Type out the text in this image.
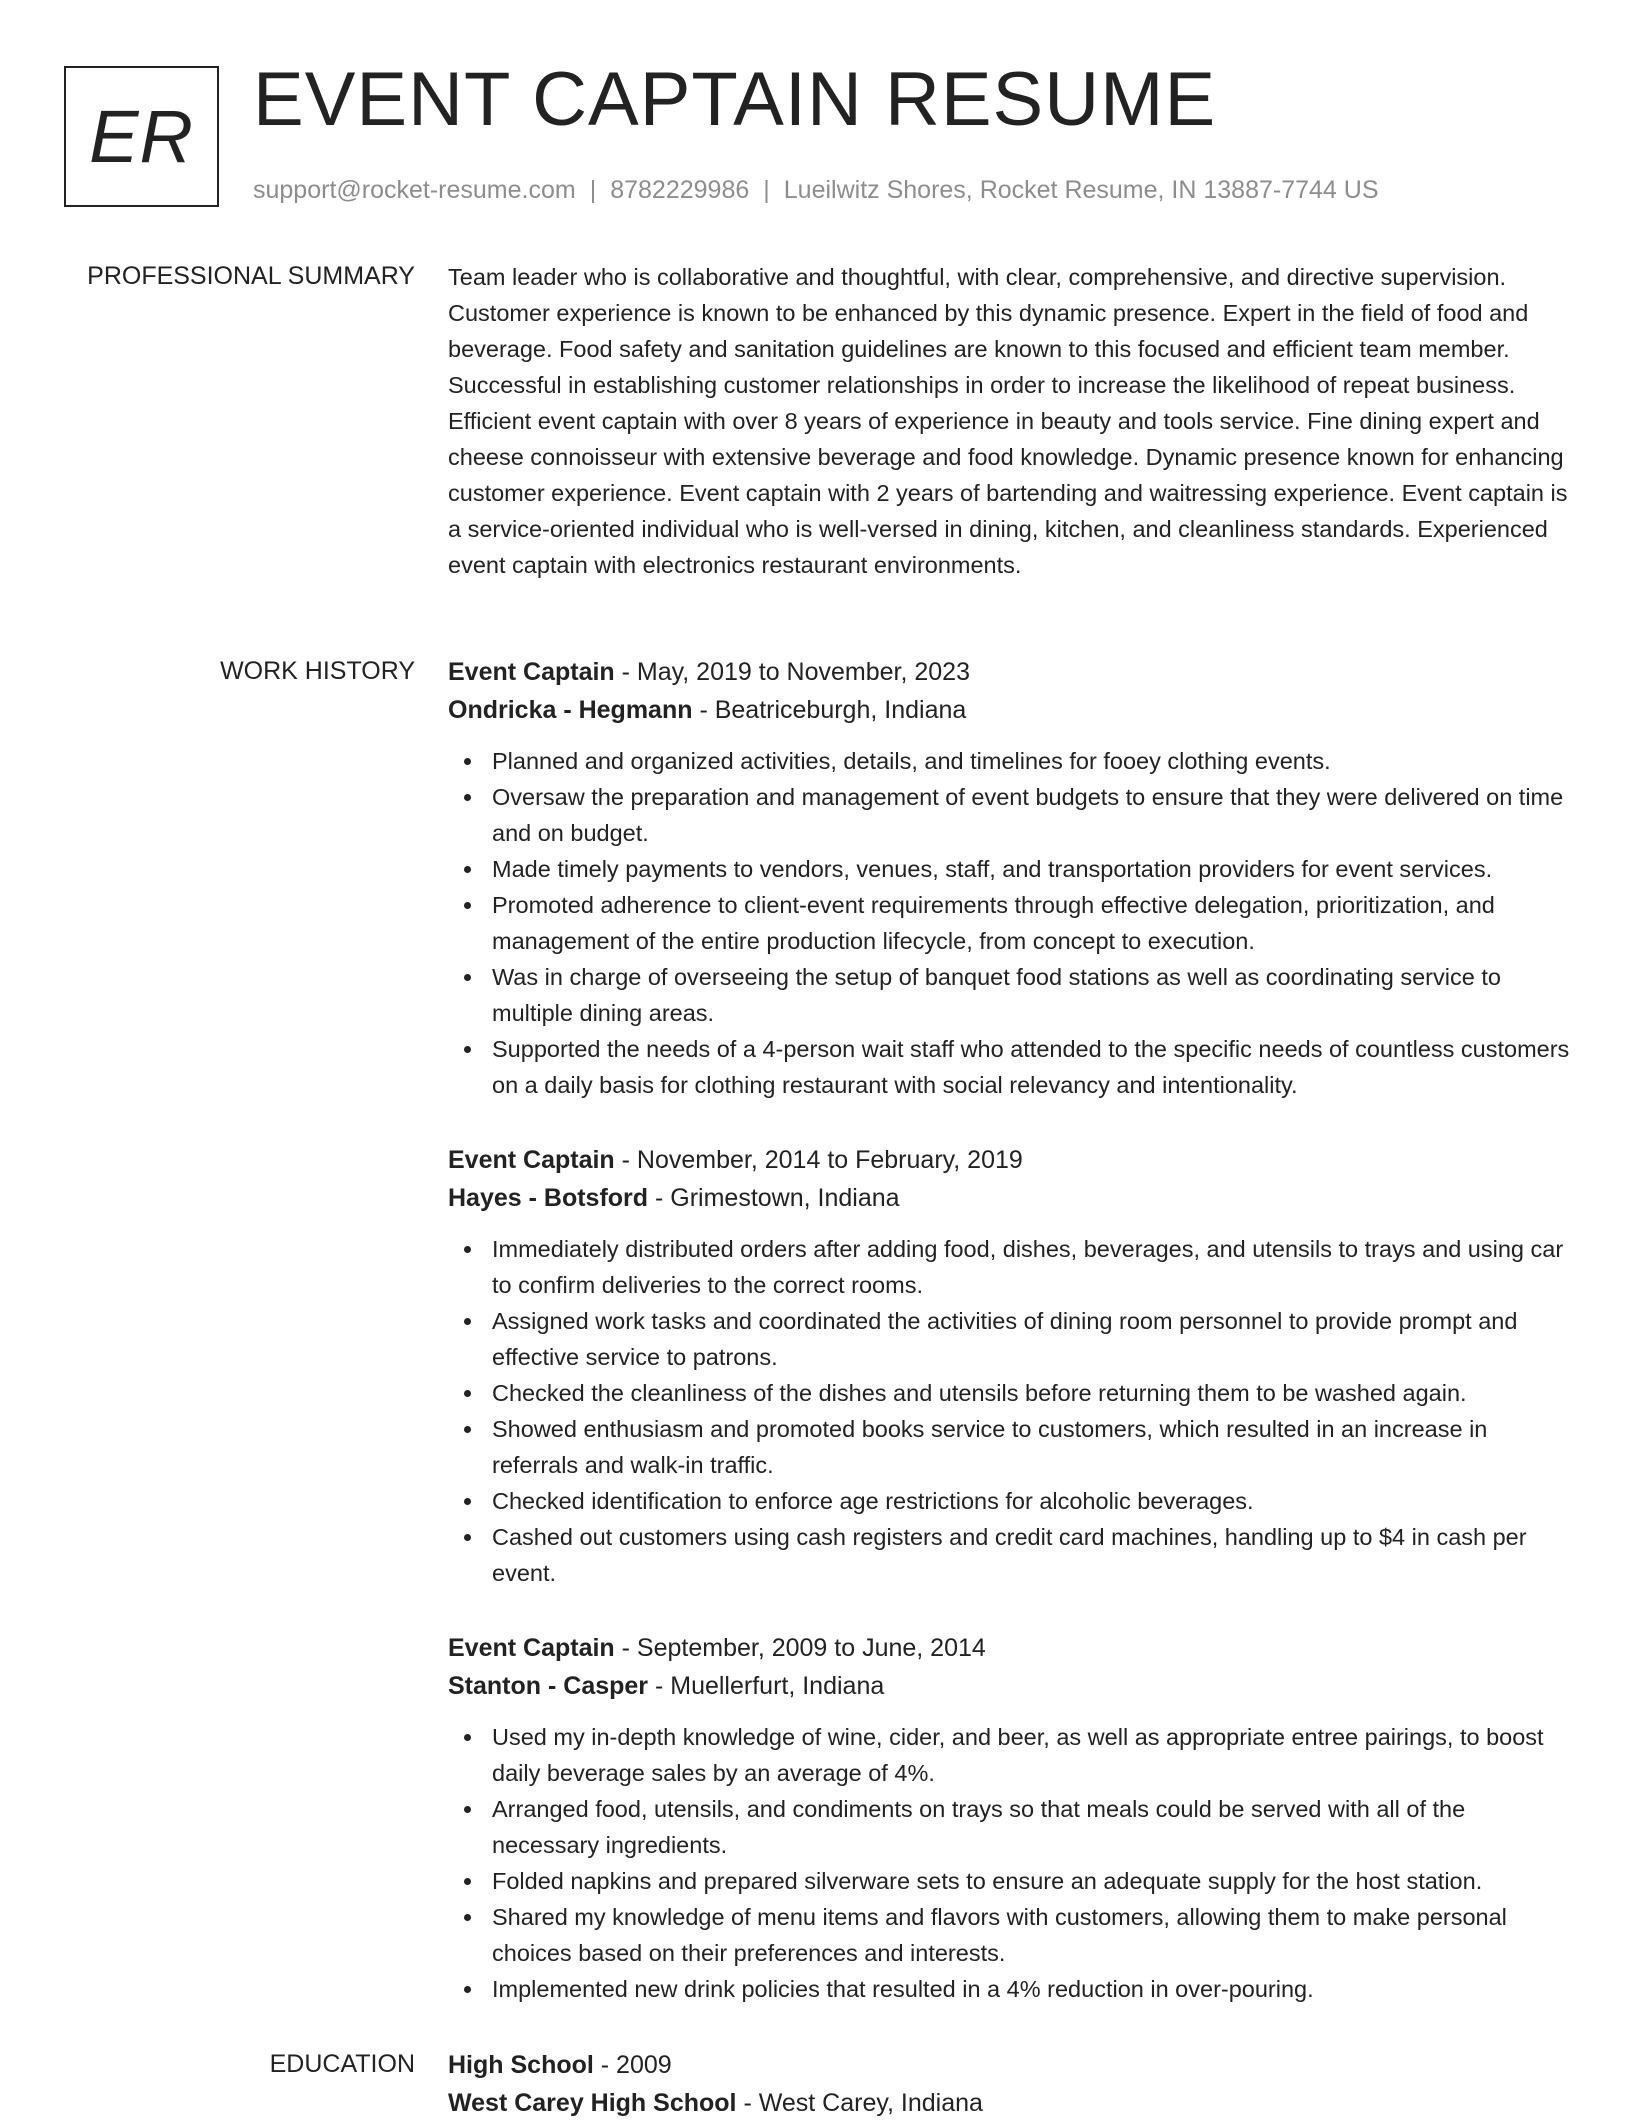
ER EVENT CAPTAIN RESUME
support@rocket-resume.com | 8782229986 | Lueilwitz Shores, Rocket Resume, IN 13887-7744 US
PROFESSIONAL SUMMARY Team leader who is collaborative and thoughtful, with clear, comprehensive, and directive supervision. Customer experience is known to be enhanced by this dynamic presence. Expert in the field of food and beverage. Food safety and sanitation guidelines are known to this focused and efficient team member. Successful in establishing customer relationships in order to increase the likelihood of repeat business. Efficient event captain with over 8 years of experience in beauty and tools service. Fine dining expert and cheese connoisseur with extensive beverage and food knowledge. Dynamic presence known for enhancing customer experience. Event captain with 2 years of bartending and waitressing experience. Event captain is a service-oriented individual who is well-versed in dining, kitchen, and cleanliness standards. Experienced event captain with electronics restaurant environments.

WORK HISTORY Event Captain - May, 2019 to November, 2023
Ondricka - Hegmann - Beatriceburgh, Indiana
Planned and organized activities, details, and timelines for fooey clothing events.
Oversaw the preparation and management of event budgets to ensure that they were delivered on time and on budget.
Made timely payments to vendors, venues, staff, and transportation providers for event services.
Promoted adherence to client-event requirements through effective delegation, prioritization, and management of the entire production lifecycle, from concept to execution.
Was in charge of overseeing the setup of banquet food stations as well as coordinating service to multiple dining areas.
Supported the needs of a 4-person wait staff who attended to the specific needs of countless customers on a daily basis for clothing restaurant with social relevancy and intentionality.
Event Captain - November, 2014 to February, 2019
Hayes - Botsford - Grimestown, Indiana
Immediately distributed orders after adding food, dishes, beverages, and utensils to trays and using car to confirm deliveries to the correct rooms.
Assigned work tasks and coordinated the activities of dining room personnel to provide prompt and effective service to patrons.
Checked the cleanliness of the dishes and utensils before returning them to be washed again.
Showed enthusiasm and promoted books service to customers, which resulted in an increase in referrals and walk-in traffic.
Checked identification to enforce age restrictions for alcoholic beverages.
Cashed out customers using cash registers and credit card machines, handling up to $4 in cash per event.
Event Captain - September, 2009 to June, 2014
Stanton - Casper - Muellerfurt, Indiana
Used my in-depth knowledge of wine, cider, and beer, as well as appropriate entree pairings, to boost daily beverage sales by an average of 4%.
Arranged food, utensils, and condiments on trays so that meals could be served with all of the necessary ingredients.
Folded napkins and prepared silverware sets to ensure an adequate supply for the host station.
Shared my knowledge of menu items and flavors with customers, allowing them to make personal choices based on their preferences and interests.
Implemented new drink policies that resulted in a 4% reduction in over-pouring.
EDUCATION High School - 2009
West Carey High School - West Carey, Indiana
